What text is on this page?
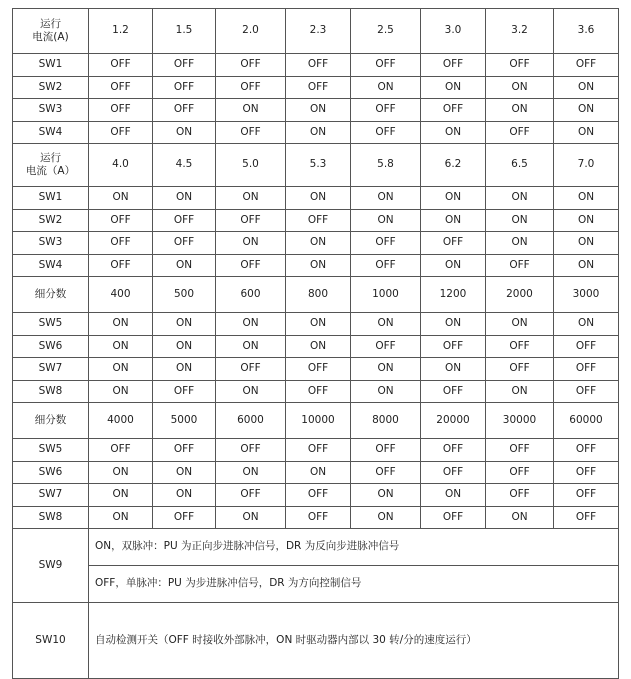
运行
电流(A)	1.2	1.5	2.0	2.3	2.5	3.0	3.2	3.6
SW1	OFF	OFF	OFF	OFF	OFF	OFF	OFF	OFF
SW2	OFF	OFF	OFF	OFF	ON	ON	ON	ON
SW3	OFF	OFF	ON	ON	OFF	OFF	ON	ON
SW4	OFF	ON	OFF	ON	OFF	ON	OFF	ON
运行
电流（A）	4.0	4.5	5.0	5.3	5.8	6.2	6.5	7.0
SW1	ON	ON	ON	ON	ON	ON	ON	ON
SW2	OFF	OFF	OFF	OFF	ON	ON	ON	ON
SW3	OFF	OFF	ON	ON	OFF	OFF	ON	ON
SW4	OFF	ON	OFF	ON	OFF	ON	OFF	ON
细分数	400	500	600	800	1000	1200	2000	3000
SW5	ON	ON	ON	ON	ON	ON	ON	ON
SW6	ON	ON	ON	ON	OFF	OFF	OFF	OFF
SW7	ON	ON	OFF	OFF	ON	ON	OFF	OFF
SW8	ON	OFF	ON	OFF	ON	OFF	ON	OFF
细分数	4000	5000	6000	10000	8000	20000	30000	60000
SW5	OFF	OFF	OFF	OFF	OFF	OFF	OFF	OFF
SW6	ON	ON	ON	ON	OFF	OFF	OFF	OFF
SW7	ON	ON	OFF	OFF	ON	ON	OFF	OFF
SW8	ON	OFF	ON	OFF	ON	OFF	ON	OFF
SW9	ON，双脉冲：PU 为正向步进脉冲信号，DR 为反向步进脉冲信号							
	OFF，单脉冲：PU 为步进脉冲信号，DR 为方向控制信号							
SW10	自动检测开关（OFF 时接收外部脉冲，ON 时驱动器内部以 30 转/分的速度运行）							
